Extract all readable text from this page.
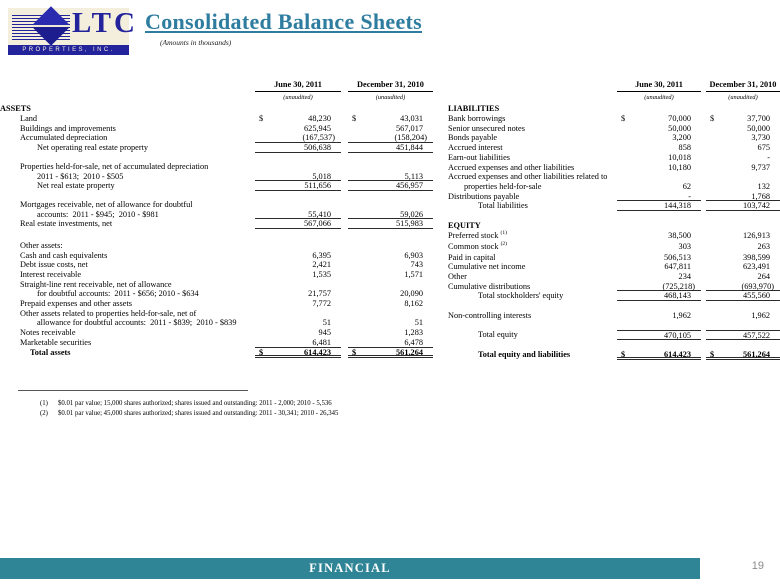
LTC
PROPERTIES, INC.
Consolidated Balance Sheets
(Amounts in thousands)
June 30, 2011
(unaudited)
December 31, 2010
(unaudited)
ASSETS
Land	$	48,230	$	43,031
Buildings and improvements	625,945	567,017
Accumulated depreciation	(167,537)	(158,204)
Net operating real estate property	506,638	451,844
Properties held-for-sale, net of accumulated depreciation
2011 - $613;  2010 - $505	5,018	5,113
Net real estate property	511,656	456,957
Mortgages receivable, net of allowance for doubtful
accounts:  2011 - $945;  2010 - $981	55,410	59,026
Real estate investments, net	567,066	515,983
Other assets:
Cash and cash equivalents	6,395	6,903
Debt issue costs, net	2,421	743
Interest receivable	1,535	1,571
Straight-line rent receivable, net of allowance
for doubtful accounts:  2011 - $656; 2010 - $634	21,757	20,090
Prepaid expenses and other assets	7,772	8,162
Other assets related to properties held-for-sale, net of
allowance for doubtful accounts:  2011 - $839;  2010 - $839	51	51
Notes receivable	945	1,283
Marketable securities	6,481	6,478
Total assets	$	614,423	$	561,264
June 30, 2011
(unaudited)
December 31, 2010
(unaudited)
LIABILITIES
Bank borrowings	$	70,000	$	37,700
Senior unsecured notes	50,000	50,000
Bonds payable	3,200	3,730
Accrued interest	858	675
Earn-out liabilities	10,018	-
Accrued expenses and other liabilities	10,180	9,737
Accrued expenses and other liabilities related to
properties held-for-sale	62	132
Distributions payable	-	1,768
Total liabilities	144,318	103,742
EQUITY
Preferred stock $^{(1)}$	38,500	126,913
Common stock $^{(2)}$	303	263
Paid in capital	506,513	398,599
Cumulative net income	647,811	623,491
Other	234	264
Cumulative distributions	(725,218)	(693,970)
Total stockholders' equity	468,143	455,560
Non-controlling interests	1,962	1,962
Total equity	470,105	457,522
Total equity and liabilities	$	614,423	$	561,264
(1)	$0.01 par value; 15,000 shares authorized; shares issued and outstanding: 2011 - 2,000; 2010 - 5,536
(2)	$0.01 par value; 45,000 shares authorized; shares issued and outstanding: 2011 - 30,341; 2010 - 26,345
FINANCIAL	19
